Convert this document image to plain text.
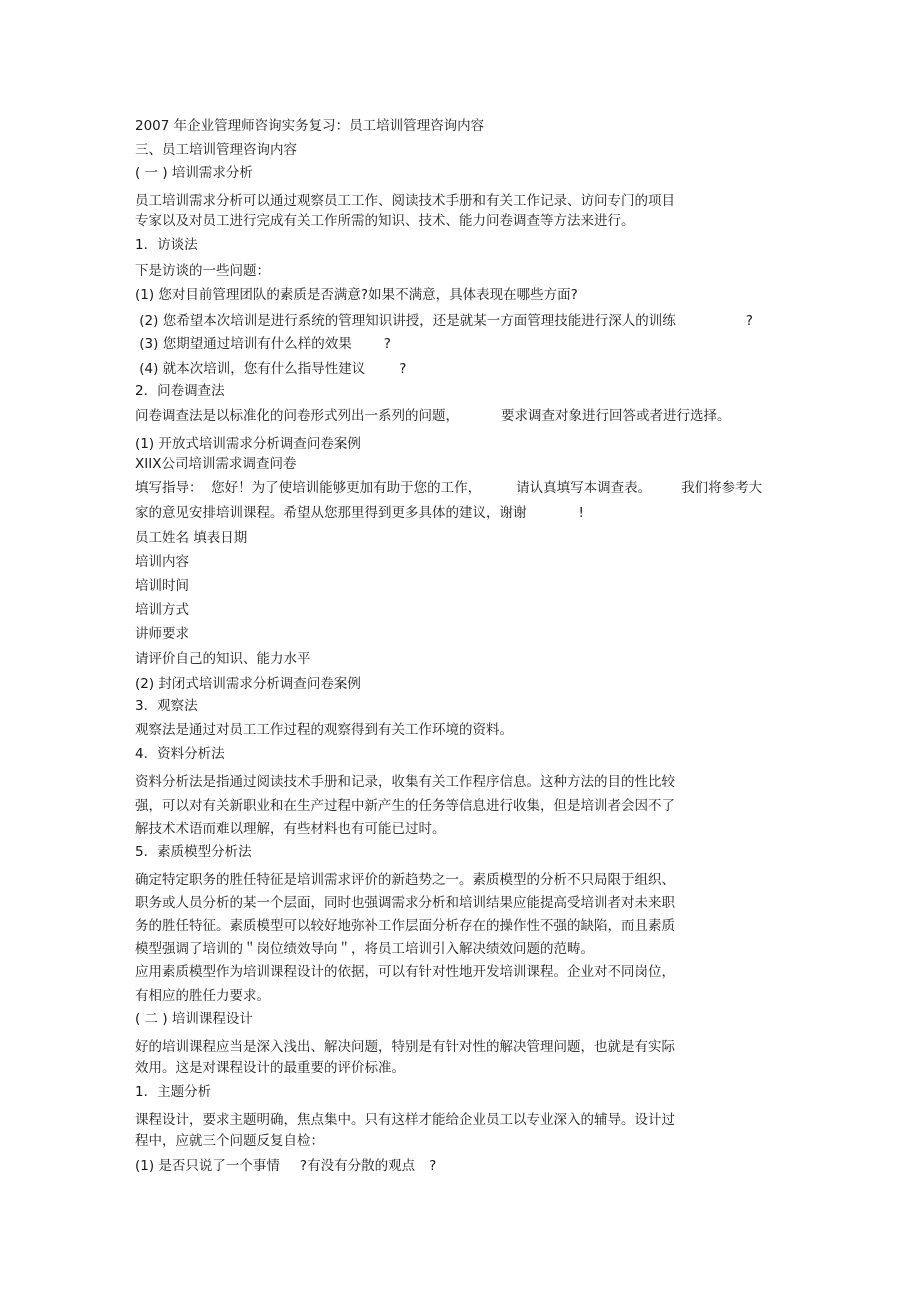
2007 年企业管理师咨询实务复习：员工培训管理咨询内容
三、员工培训管理咨询内容
( 一 ) 培训需求分析
员工培训需求分析可以通过观察员工工作、阅读技术手册和有关工作记录、访问专门的项目
专家以及对员工进行完成有关工作所需的知识、技术、能力问卷调查等方法来进行。
1．访谈法
下是访谈的一些问题：
(1) 您对目前管理团队的素质是否满意?如果不满意，具体表现在哪些方面?
(2) 您希望本次培训是进行系统的管理知识讲授，还是就某一方面管理技能进行深人的训练	?
(3) 您期望通过培训有什么样的效果 ?
(4) 就本次培训，您有什么指导性建议	?
2．问卷调查法
问卷调查法是以标准化的问卷形式列出一系列的问题，	要求调查对象进行回答或者进行选择。
(1) 开放式培训需求分析调查问卷案例
XIIX公司培训需求调查问卷
填写指导：  您好！为了使培训能够更加有助于您的工作，	请认真填写本调查表。 我们将参考大
家的意见安排培训课程。希望从您那里得到更多具体的建议，谢谢	!
员工姓名 填表日期
培训内容
培训时间
培训方式
讲师要求
请评价自己的知识、能力水平
(2) 封闭式培训需求分析调查问卷案例
3．观察法
观察法是通过对员工工作过程的观察得到有关工作环境的资料。
4．资料分析法
资料分析法是指通过阅读技术手册和记录，收集有关工作程序信息。这种方法的目的性比较
强，可以对有关新职业和在生产过程中新产生的任务等信息进行收集，但是培训者会因不了
解技术术语而难以理解，有些材料也有可能已过时。
5．素质模型分析法
确定特定职务的胜任特征是培训需求评价的新趋势之一。素质模型的分析不只局限于组织、
职务或人员分析的某一个层面，同时也强调需求分析和培训结果应能提高受培训者对未来职
务的胜任特征。素质模型可以较好地弥补工作层面分析存在的操作性不强的缺陷，而且素质
模型强调了培训的＂岗位绩效导向＂，将员工培训引入解决绩效问题的范畴。
应用素质模型作为培训课程设计的依据，可以有针对性地开发培训课程。企业对不同岗位，
有相应的胜任力要求。
( 二 ) 培训课程设计
好的培训课程应当是深入浅出、解决问题，特别是有针对性的解决管理问题，也就是有实际
效用。这是对课程设计的最重要的评价标准。
1．主题分析
课程设计，要求主题明确，焦点集中。只有这样才能给企业员工以专业深入的辅导。设计过
程中，应就三个问题反复自检：
(1) 是否只说了一个事情 ?有没有分散的观点 ?
